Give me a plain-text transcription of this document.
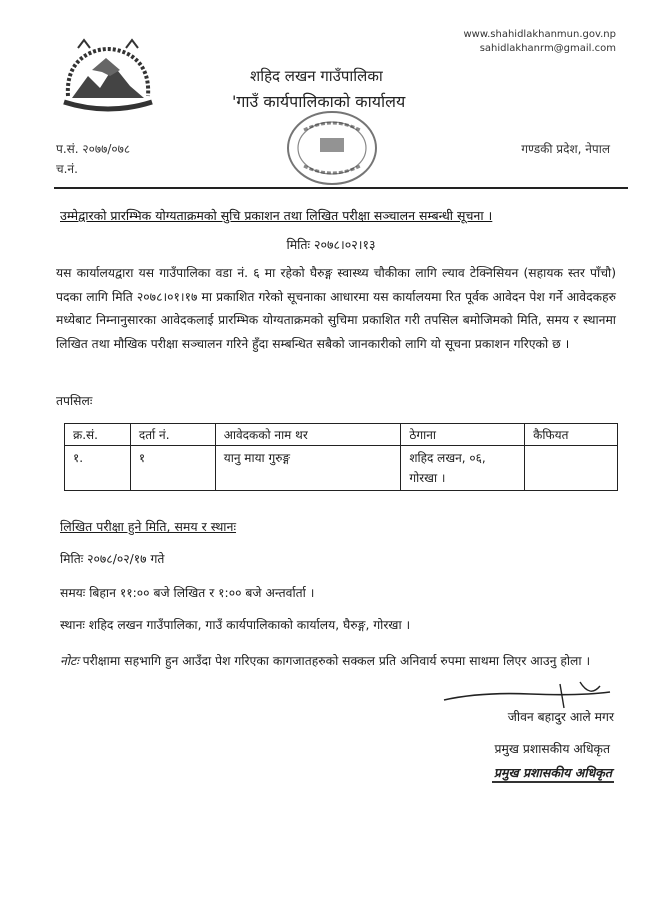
www.shahidlakhanmun.gov.np
sahidlakhanrm@gmail.com
शहिद लखन गाउँपालिका
'गाउँ कार्यपालिकाको कार्यालय
प.सं. २०७७/०७८
च.नं.
गण्डकी प्रदेश, नेपाल
उम्मेद्वारको प्रारम्भिक योग्यताक्रमको सुचि प्रकाशन तथा लिखित परीक्षा सञ्चालन सम्बन्धी सूचना ।
मितिः २०७८।०२।१३
यस कार्यालयद्वारा यस गाउँपालिका वडा नं. ६ मा रहेको घैरुङ्ग स्वास्थ्य चौकीका लागि ल्याव टेक्निसियन (सहायक स्तर पाँचौ) पदका लागि मिति २०७८।०१।१७ मा प्रकाशित गरेको सूचनाका आधारमा यस कार्यालयमा रित पूर्वक आवेदन पेश गर्ने आवेदकहरु मध्येबाट निम्नानुसारका आवेदकलाई प्रारम्भिक योग्यताक्रमको सुचिमा प्रकाशित गरी तपसिल बमोजिमको मिति, समय र स्थानमा लिखित तथा मौखिक परीक्षा सञ्चालन गरिने हुँदा सम्बन्धित सबैको जानकारीको लागि यो सूचना प्रकाशन गरिएको छ ।
तपसिलः
क्र.सं.	दर्ता नं.	आवेदकको नाम थर	ठेगाना	कैफियत
१.	१	यानु माया गुरुङ्ग	शहिद लखन, ०६, गोरखा ।	
लिखित परीक्षा हुने मिति, समय र स्थानः
मितिः २०७८/०२/१७ गते
समयः बिहान ११:०० बजे लिखित र १:०० बजे अन्तर्वार्ता ।
स्थानः शहिद लखन गाउँपालिका, गाउँ कार्यपालिकाको कार्यालय, घैरुङ्ग, गोरखा ।
नोटः परीक्षामा सहभागि हुन आउँदा पेश गरिएका कागजातहरुको सक्कल प्रति अनिवार्य रुपमा साथमा लिएर आउनु होला ।
जीवन बहादुर आले मगर
प्रमुख प्रशासकीय अधिकृत
प्रमुख प्रशासकीय अधिकृत
